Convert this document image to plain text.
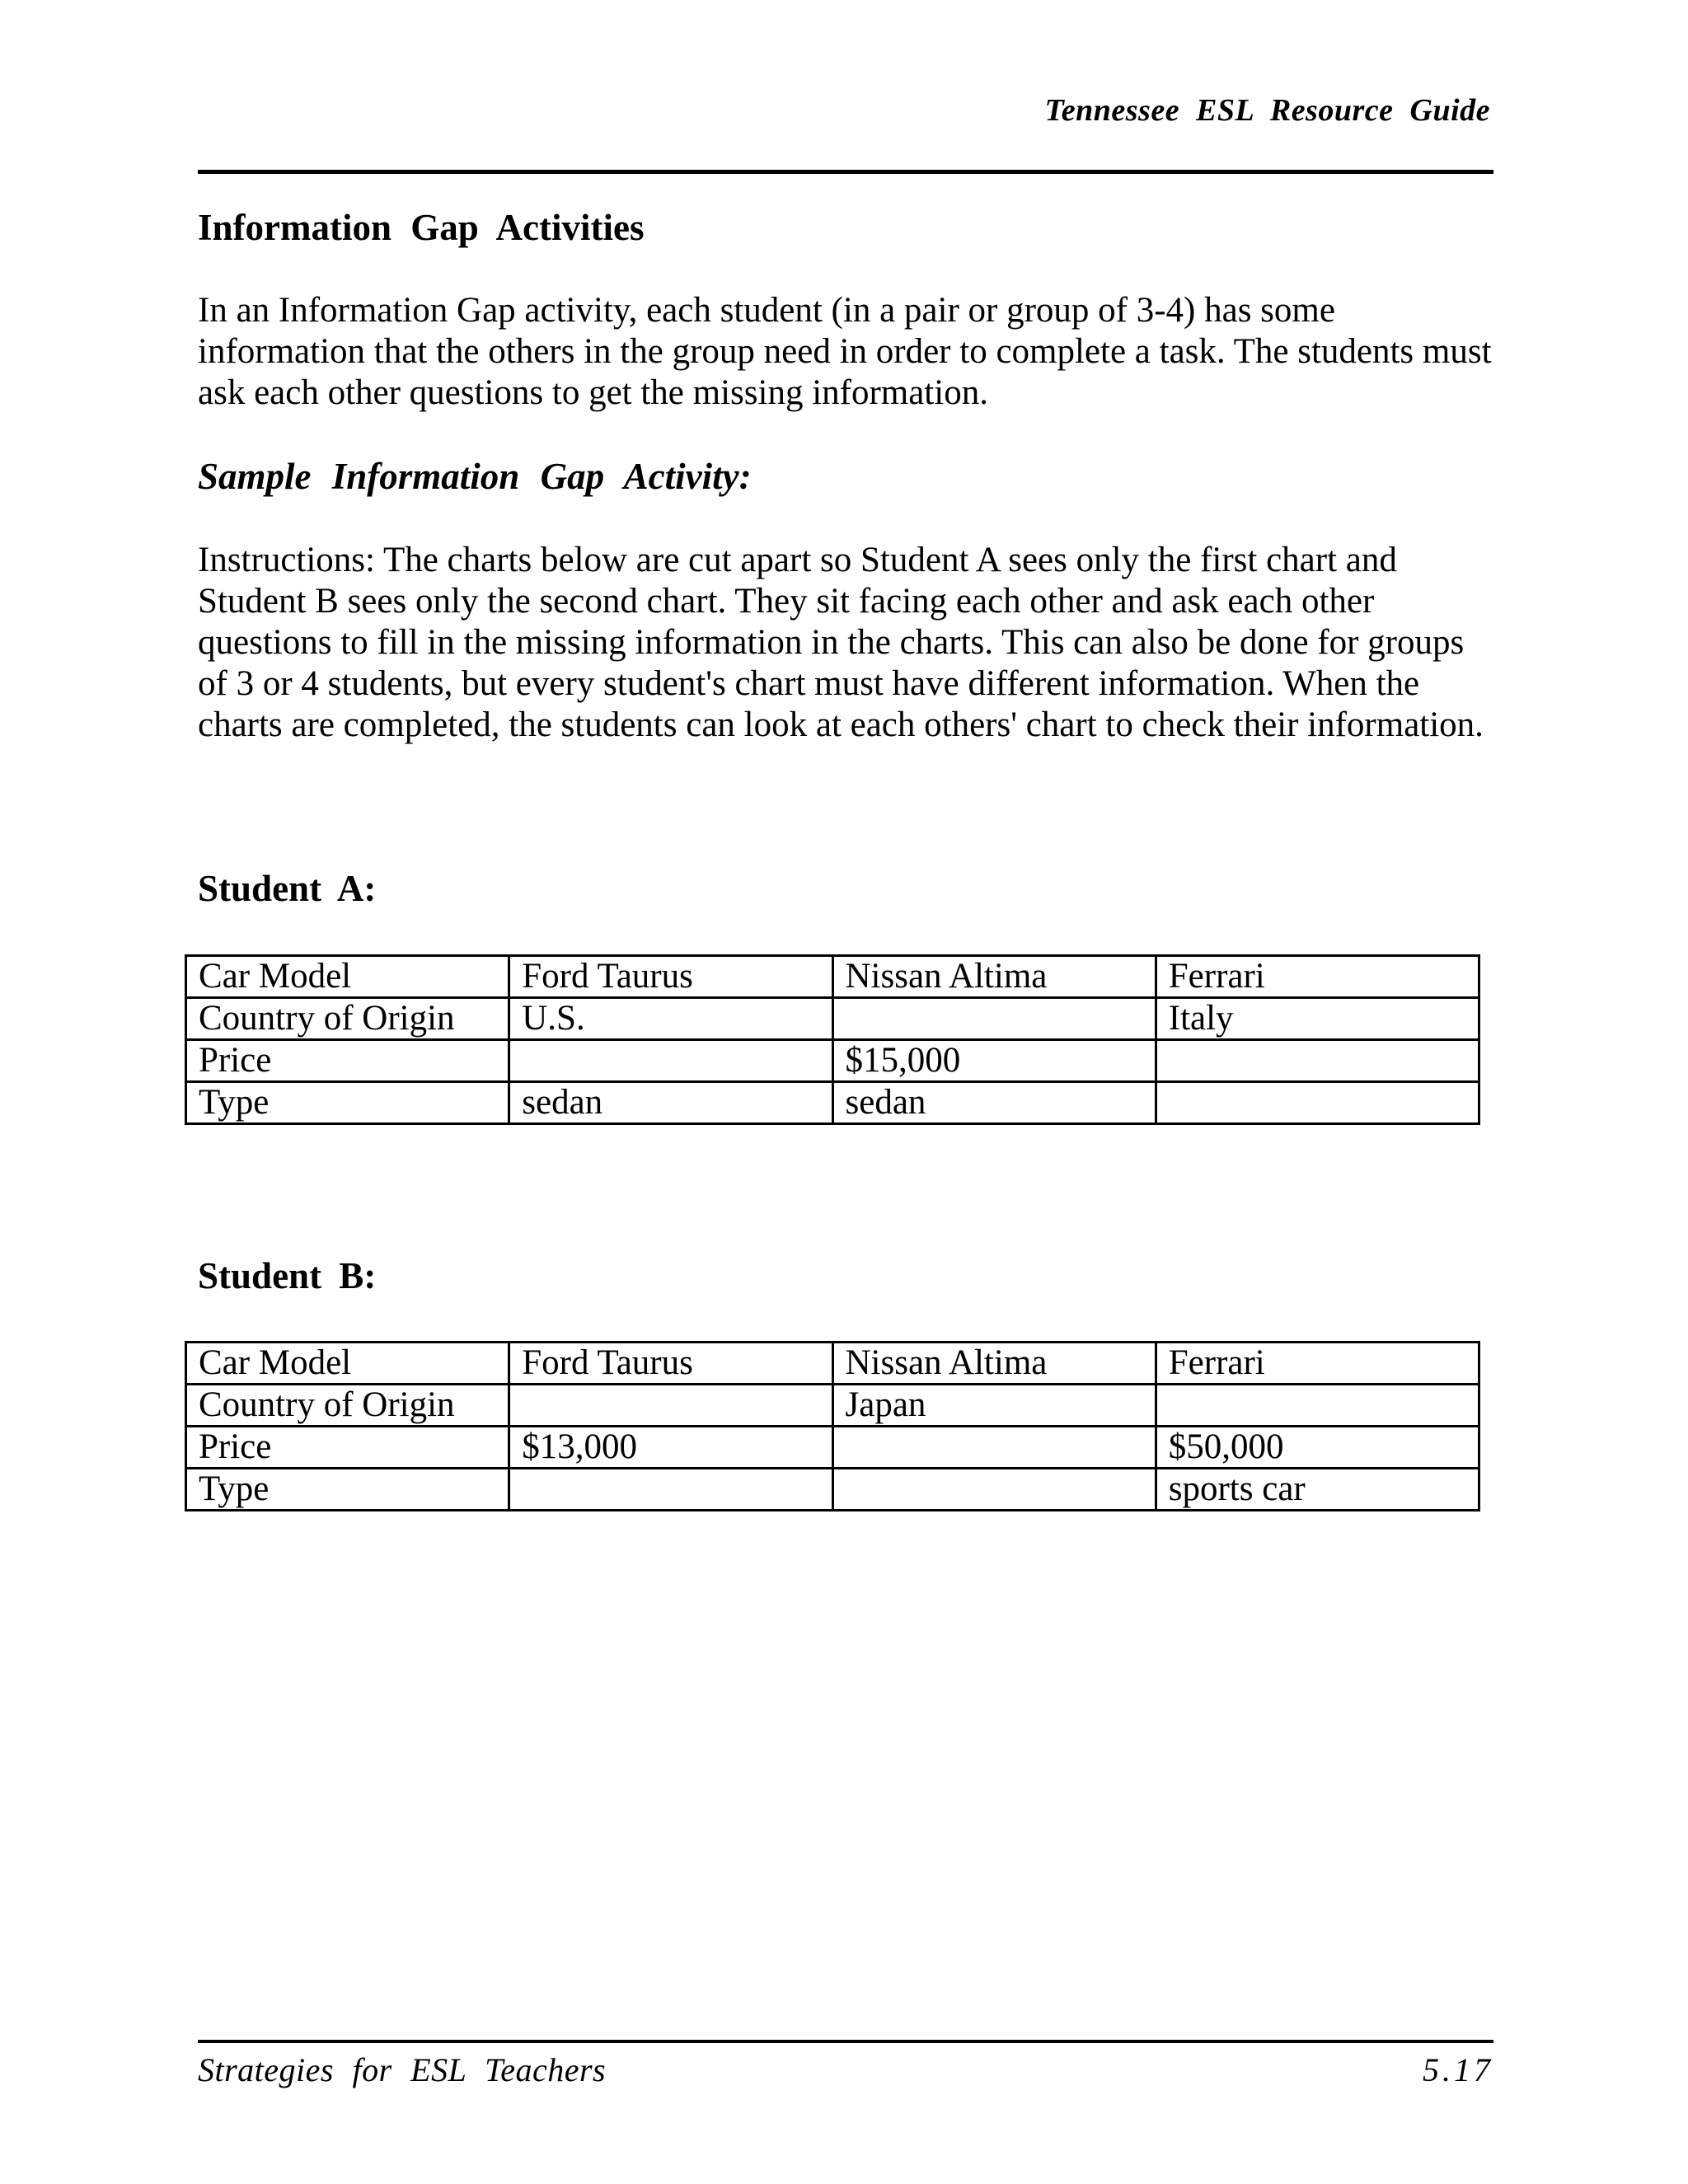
Tennessee ESL Resource Guide
Information Gap Activities

In an Information Gap activity, each student (in a pair or group of 3-4) has some information that the others in the group need in order to complete a task. The students must ask each other questions to get the missing information.

Sample Information Gap Activity:

Instructions: The charts below are cut apart so Student A sees only the first chart and Student B sees only the second chart. They sit facing each other and ask each other questions to fill in the missing information in the charts. This can also be done for groups of 3 or 4 students, but every student's chart must have different information. When the charts are completed, the students can look at each others' chart to check their information.

Student A:
Car Model	Ford Taurus	Nissan Altima	Ferrari
Country of Origin	U.S.		Italy
Price		$15,000	
Type	sedan	sedan	
Student B:
Car Model	Ford Taurus	Nissan Altima	Ferrari
Country of Origin		Japan	
Price	$13,000		$50,000
Type			sports car
Strategies for ESL Teachers	5.17
